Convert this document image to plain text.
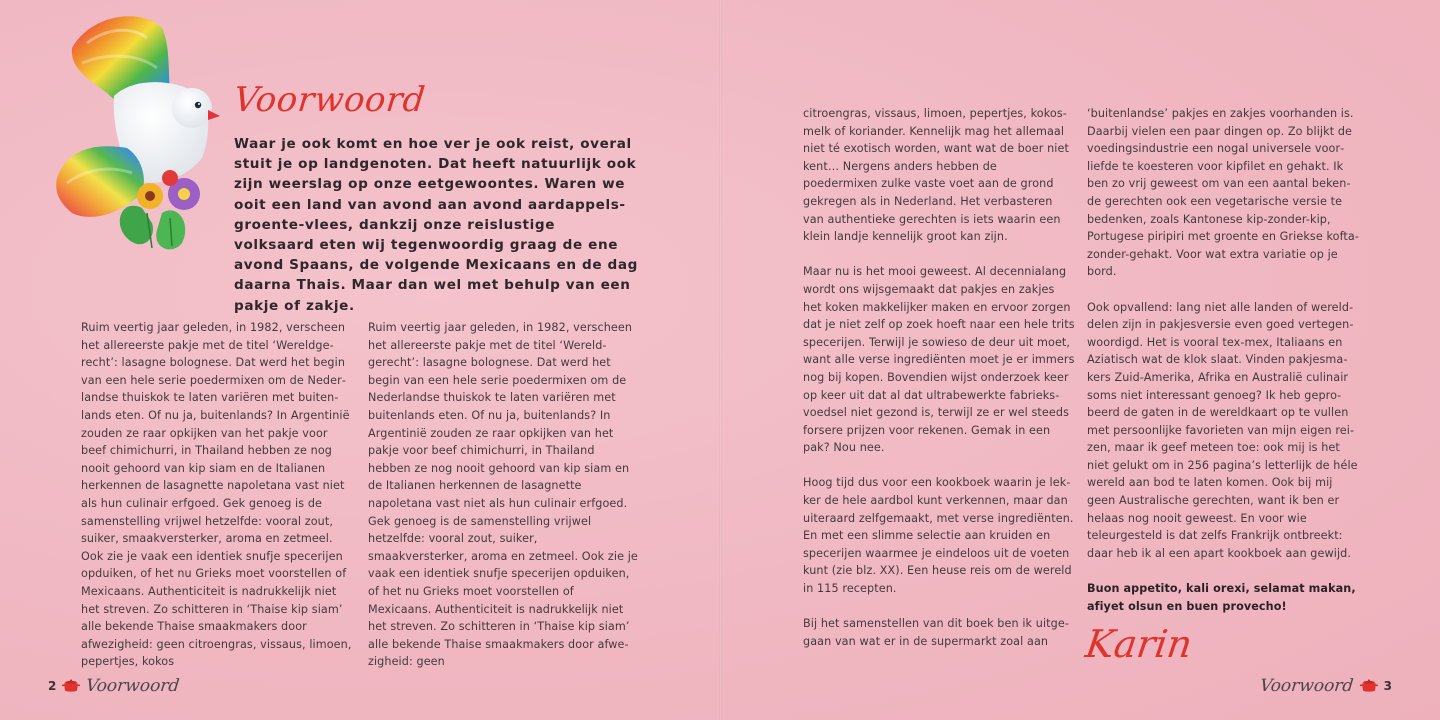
Voorwoord

Waar je ook komt en hoe ver je ook reist, overal stuit je op landgenoten. Dat heeft natuurlijk ook zijn weerslag op onze eetgewoontes. Waren we ooit een land van avond aan avond aardappels-groente-vlees, dankzij onze reislustige volksaard eten wij tegenwoordig graag de ene avond Spaans, de volgende Mexicaans en de dag daarna Thais. Maar dan wel met behulp van een pakje of zakje.

Ruim veertig jaar geleden, in 1982, verscheen het allereerste pakje met de titel ‘Wereldgerecht’: lasagne bolognese. Dat werd het begin van een hele serie poedermixen om de Nederlandse thuiskok te laten variëren met buitenlands eten. Of nu ja, buitenlands? In Argentinië zouden ze raar opkijken van het pakje voor beef chimichurri, in Thailand hebben ze nog nooit gehoord van kip siam en de Italianen herkennen de lasagnette napoletana vast niet als hun culinair erfgoed. Gek genoeg is de samenstelling vrijwel hetzelfde: vooral zout, suiker, smaakversterker, aroma en zetmeel. Ook zie je vaak een identiek snufje specerijen opduiken, of het nu Grieks moet voorstellen of Mexicaans. Authenticiteit is nadrukkelijk niet het streven. Zo schitteren in ‘Thaise kip siam’ alle bekende Thaise smaakmakers door afwezigheid: geen citroengras, vissaus, limoen, pepertjes, kokos

Ruim veertig jaar geleden, in 1982, verscheen het allereerste pakje met de titel ‘Wereldgerecht’: lasagne bolognese. Dat werd het begin van een hele serie poedermixen om de Nederlandse thuiskok te laten variëren met buitenlands eten. Of nu ja, buitenlands? In Argentinië zouden ze raar opkijken van het pakje voor beef chimichurri, in Thailand hebben ze nog nooit gehoord van kip siam en de Italianen herkennen de lasagnette napoletana vast niet als hun culinair erfgoed. Gek genoeg is de samenstelling vrijwel hetzelfde: vooral zout, suiker, smaakversterker, aroma en zetmeel. Ook zie je vaak een identiek snufje specerijen opduiken, of het nu Grieks moet voorstellen of Mexicaans. Authenticiteit is nadrukkelijk niet het streven. Zo schitteren in ‘Thaise kip siam’ alle bekende Thaise smaakmakers door afwezigheid: geen

citroengras, vissaus, limoen, pepertjes, kokosmelk of koriander. Kennelijk mag het allemaal niet té exotisch worden, want wat de boer niet kent… Nergens anders hebben de poedermixen zulke vaste voet aan de grond gekregen als in Nederland. Het verbasteren van authentieke gerechten is iets waarin een klein landje kennelijk groot kan zijn.

Maar nu is het mooi geweest. Al decennialang wordt ons wijsgemaakt dat pakjes en zakjes het koken makkelijker maken en ervoor zorgen dat je niet zelf op zoek hoeft naar een hele trits specerijen. Terwijl je sowieso de deur uit moet, want alle verse ingrediënten moet je er immers nog bij kopen. Bovendien wijst onderzoek keer op keer uit dat al dat ultrabewerkte fabrieksvoedsel niet gezond is, terwijl ze er wel steeds forsere prijzen voor rekenen. Gemak in een pak? Nou nee.

Hoog tijd dus voor een kookboek waarin je lekker de hele aardbol kunt verkennen, maar dan uiteraard zelfgemaakt, met verse ingrediënten. En met een slimme selectie aan kruiden en specerijen waarmee je eindeloos uit de voeten kunt (zie blz. XX). Een heuse reis om de wereld in 115 recepten.

Bij het samenstellen van dit boek ben ik uitgegaan van wat er in de supermarkt zoal aan

‘buitenlandse’ pakjes en zakjes voorhanden is. Daarbij vielen een paar dingen op. Zo blijkt de voedingsindustrie een nogal universele voorliefde te koesteren voor kipfilet en gehakt. Ik ben zo vrij geweest om van een aantal bekende gerechten ook een vegetarische versie te bedenken, zoals Kantonese kip-zonder-kip, Portugese piripiri met groente en Griekse kofta-zonder-gehakt. Voor wat extra variatie op je bord.

Ook opvallend: lang niet alle landen of werelddelen zijn in pakjesversie even goed vertegenwoordigd. Het is vooral tex-mex, Italiaans en Aziatisch wat de klok slaat. Vinden pakjesmakers Zuid-Amerika, Afrika en Australië culinair soms niet interessant genoeg? Ik heb geprobeerd de gaten in de wereldkaart op te vullen met persoonlijke favorieten van mijn eigen reizen, maar ik geef meteen toe: ook mij is het niet gelukt om in 256 pagina’s letterlijk de héle wereld aan bod te laten komen. Ook bij mij geen Australische gerechten, want ik ben er helaas nog nooit geweest. En voor wie teleurgesteld is dat zelfs Frankrijk ontbreekt: daar heb ik al een apart kookboek aan gewijd.

Buon appetito, kali orexi, selamat makan, afiyet olsun en buen provecho!

Karin
2 Voorwoord	Voorwoord 3
